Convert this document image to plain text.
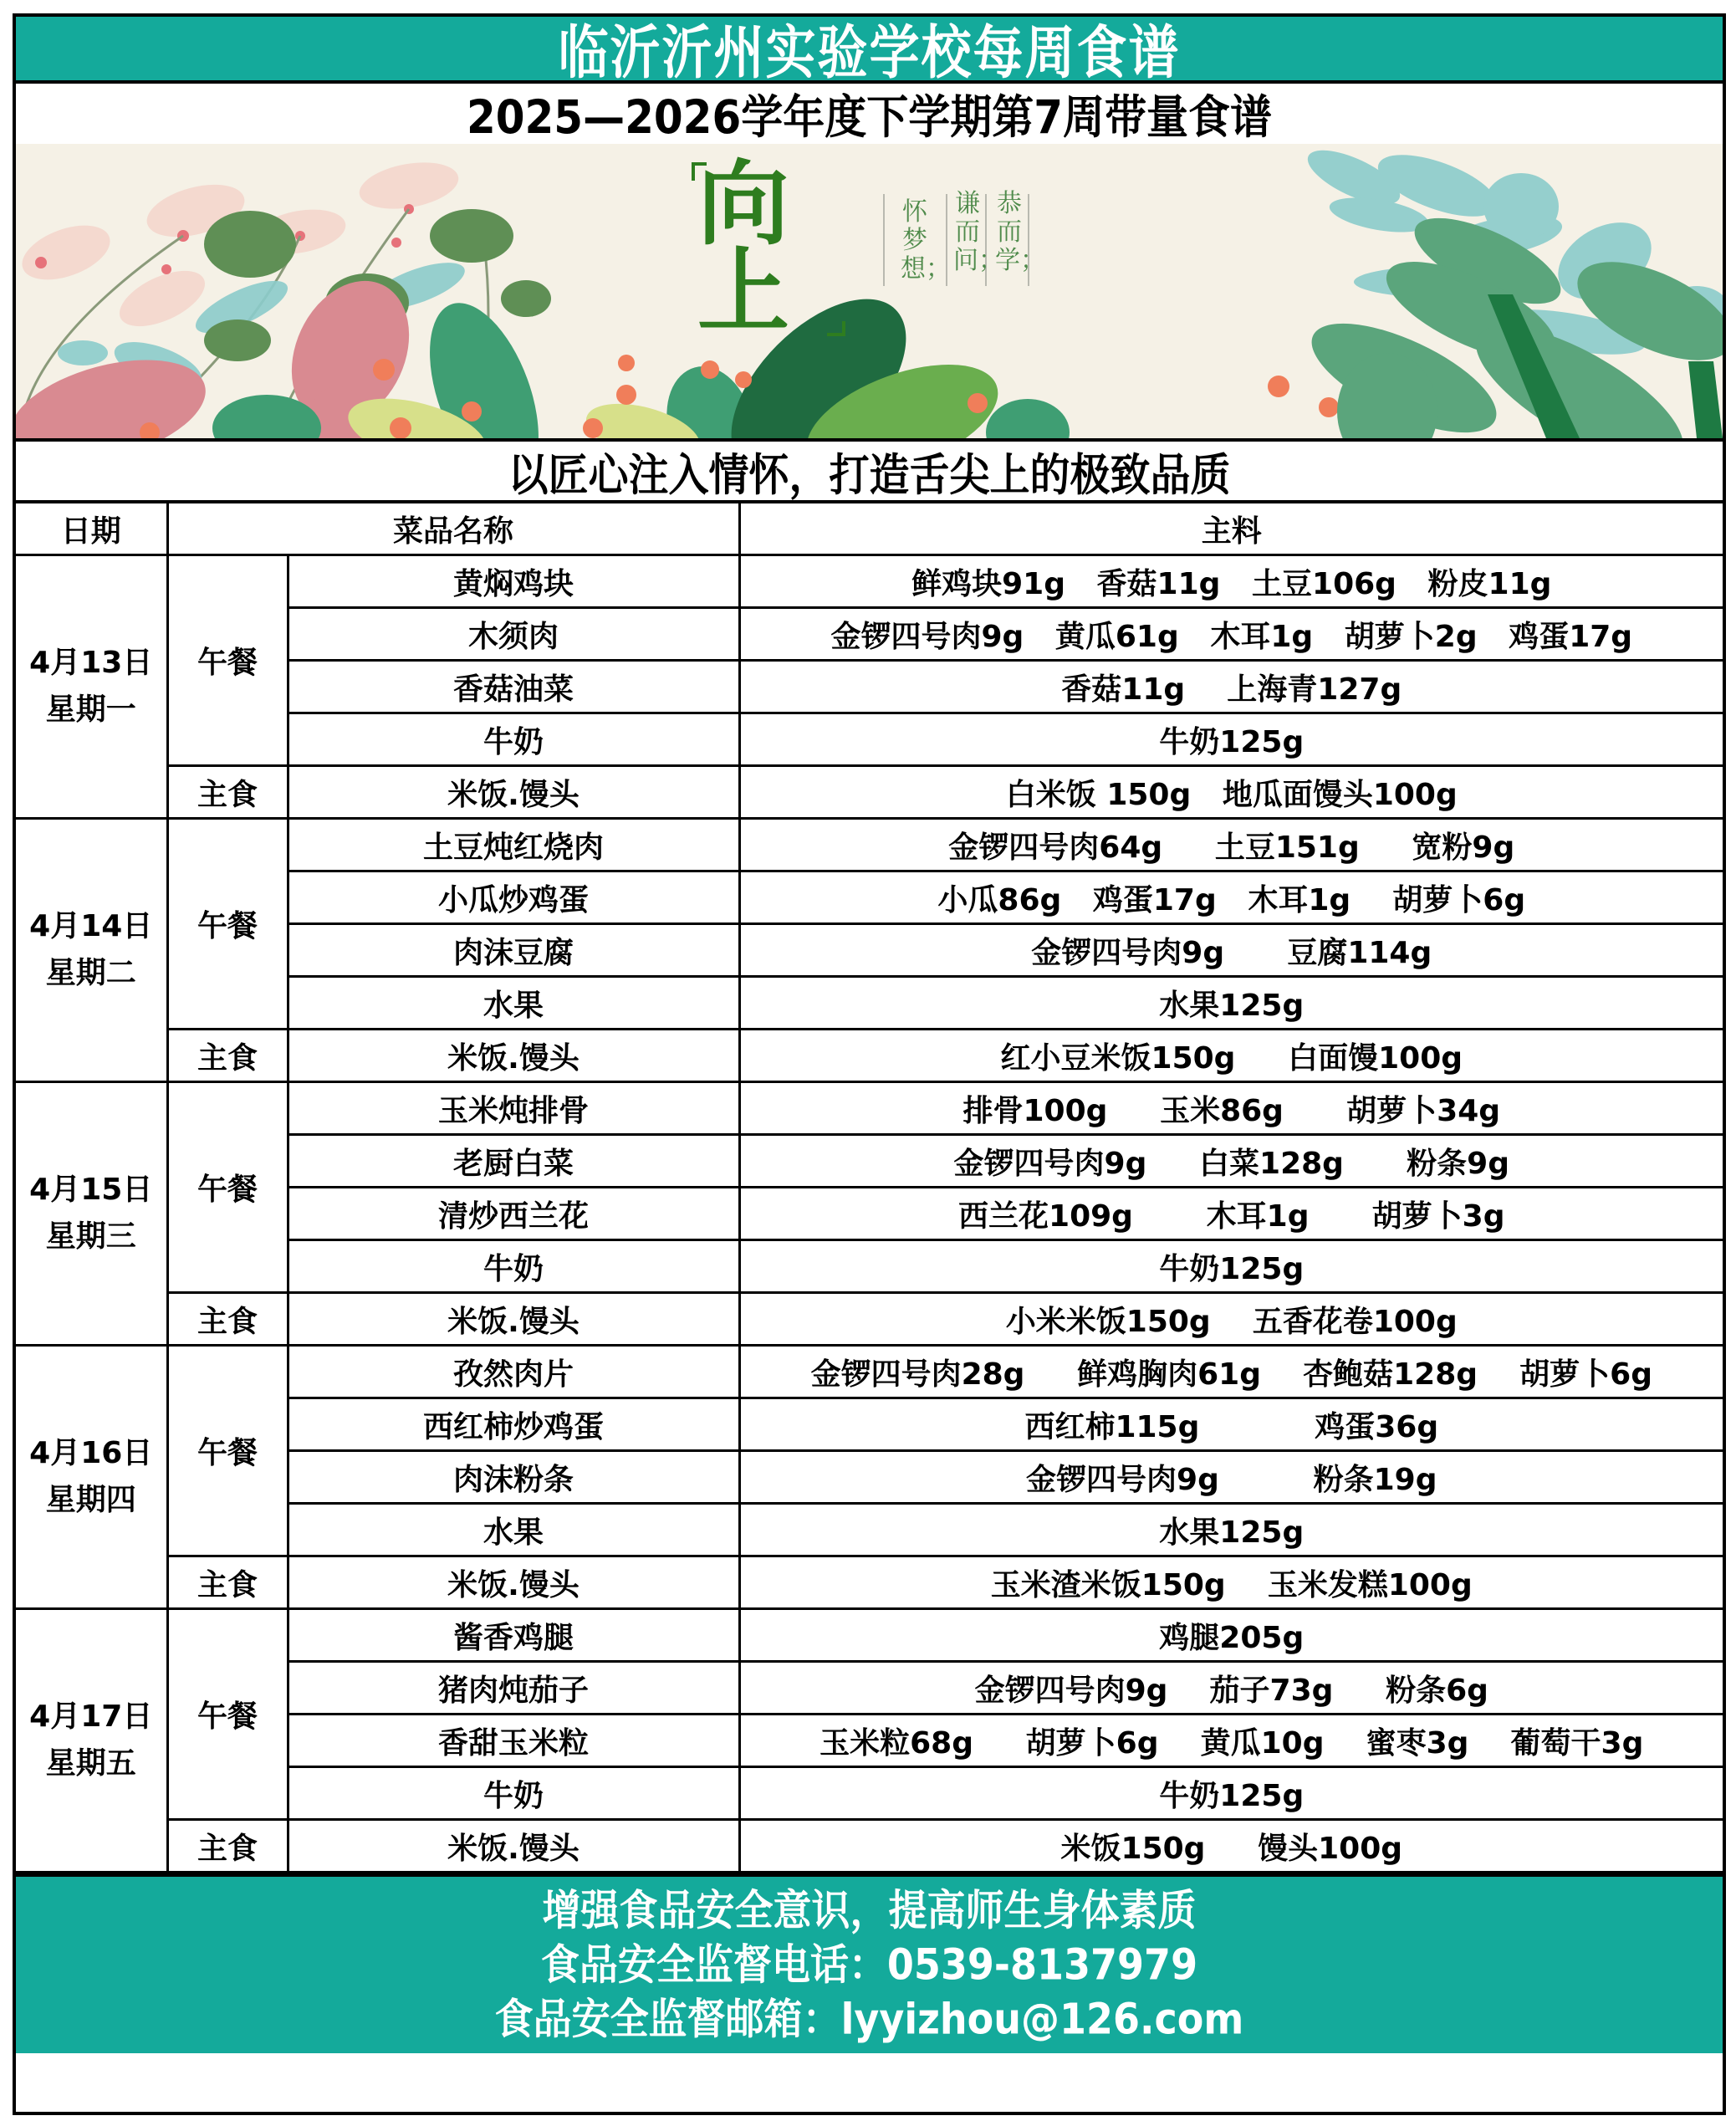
临沂沂州实验学校每周食谱
2025—2026学年度下学期第7周带量食谱
向
上
怀梦想；
谦而问；
恭而学；
以匠心注入情怀，打造舌尖上的极致品质
日期	菜品名称		主料

4月13日
星期一	午餐	黄焖鸡块	鲜鸡块91g   香菇11g   土豆106g   粉皮11g
		木须肉	金锣四号肉9g   黄瓜61g   木耳1g   胡萝卜2g   鸡蛋17g
		香菇油菜	香菇11g    上海青127g
		牛奶	牛奶125g
	主食	米饭.馒头	白米饭 150g   地瓜面馒头100g

4月14日
星期二	午餐	土豆炖红烧肉	金锣四号肉64g     土豆151g     宽粉9g
		小瓜炒鸡蛋	小瓜86g   鸡蛋17g   木耳1g    胡萝卜6g
		肉沫豆腐	金锣四号肉9g      豆腐114g
		水果	水果125g
	主食	米饭.馒头	红小豆米饭150g     白面馒100g

4月15日
星期三	午餐	玉米炖排骨	排骨100g     玉米86g      胡萝卜34g
		老厨白菜	金锣四号肉9g     白菜128g      粉条9g
		清炒西兰花	西兰花109g       木耳1g      胡萝卜3g
		牛奶	牛奶125g
	主食	米饭.馒头	小米米饭150g    五香花卷100g

4月16日
星期四	午餐	孜然肉片	金锣四号肉28g     鲜鸡胸肉61g    杏鲍菇128g    胡萝卜6g
		西红柿炒鸡蛋	西红柿115g           鸡蛋36g
		肉沫粉条	金锣四号肉9g         粉条19g
		水果	水果125g
	主食	米饭.馒头	玉米渣米饭150g    玉米发糕100g

4月17日
星期五	午餐	酱香鸡腿	鸡腿205g
		猪肉炖茄子	金锣四号肉9g    茄子73g     粉条6g
		香甜玉米粒	玉米粒68g     胡萝卜6g    黄瓜10g    蜜枣3g    葡萄干3g
		牛奶	牛奶125g
	主食	米饭.馒头	米饭150g     馒头100g
增强食品安全意识，提高师生身体素质
食品安全监督电话：0539-8137979
食品安全监督邮箱：lyyizhou@126.com
